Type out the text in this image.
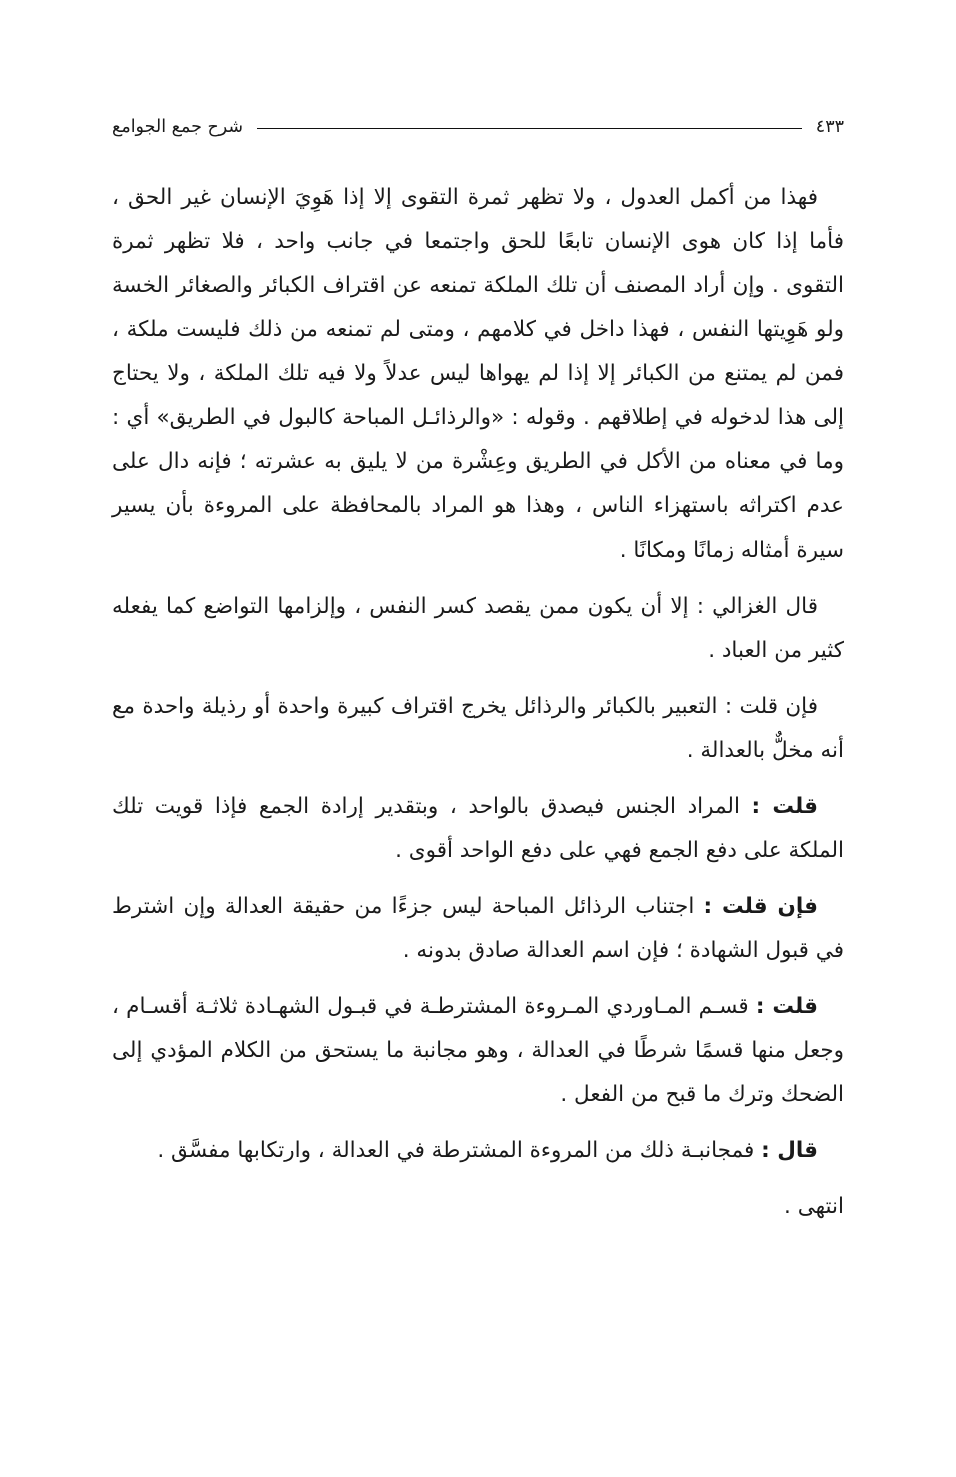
٤٣٣
شرح جمع الجوامع

فهذا من أكمل العدول ، ولا تظهر ثمرة التقوى إلا إذا هَوِيَ الإنسان غير الحق ، فأما إذا كان هوى الإنسان تابعًا للحق واجتمعا في جانب واحد ، فلا تظهر ثمرة التقوى . وإن أراد المصنف أن تلك الملكة تمنعه عن اقتراف الكبائر والصغائر الخسة ولو هَوِيتها النفس ، فهذا داخل في كلامهم ، ومتى لم تمنعه من ذلك فليست ملكة ، فمن لم يمتنع من الكبائر إلا إذا لم يهواها ليس عدلاً ولا فيه تلك الملكة ، ولا يحتاج إلى هذا لدخوله في إطلاقهم . وقوله : «والرذائـل المباحة كالبول في الطريق» أي : وما في معناه من الأكل في الطريق وعِشْرة من لا يليق به عشرته ؛ فإنه دال على عدم اكتراثه باستهزاء الناس ، وهذا هو المراد بالمحافظة على المروءة بأن يسير سيرة أمثاله زمانًا ومكانًا .

قال الغزالي : إلا أن يكون ممن يقصد كسر النفس ، وإلزامها التواضع كما يفعله كثير من العباد .

فإن قلت : التعبير بالكبائر والرذائل يخرج اقتراف كبيرة واحدة أو رذيلة واحدة مع أنه مخلٌّ بالعدالة .

قلت : المراد الجنس فيصدق بالواحد ، وبتقدير إرادة الجمع فإذا قويت تلك الملكة على دفع الجمع فهي على دفع الواحد أقوى .

فإن قلت : اجتناب الرذائل المباحة ليس جزءًا من حقيقة العدالة وإن اشترط في قبول الشهادة ؛ فإن اسم العدالة صادق بدونه .

قلت : قسـم المـاوردي المـروءة المشترطـة في قبـول الشهـادة ثلاثـة أقسـام ، وجعل منها قسمًا شرطًا في العدالة ، وهو مجانبة ما يستحق من الكلام المؤدي إلى الضحك وترك ما قبح من الفعل .

قال : فمجانبـة ذلك من المروءة المشترطة في العدالة ، وارتكابها مفسَّق .

انتهى .
